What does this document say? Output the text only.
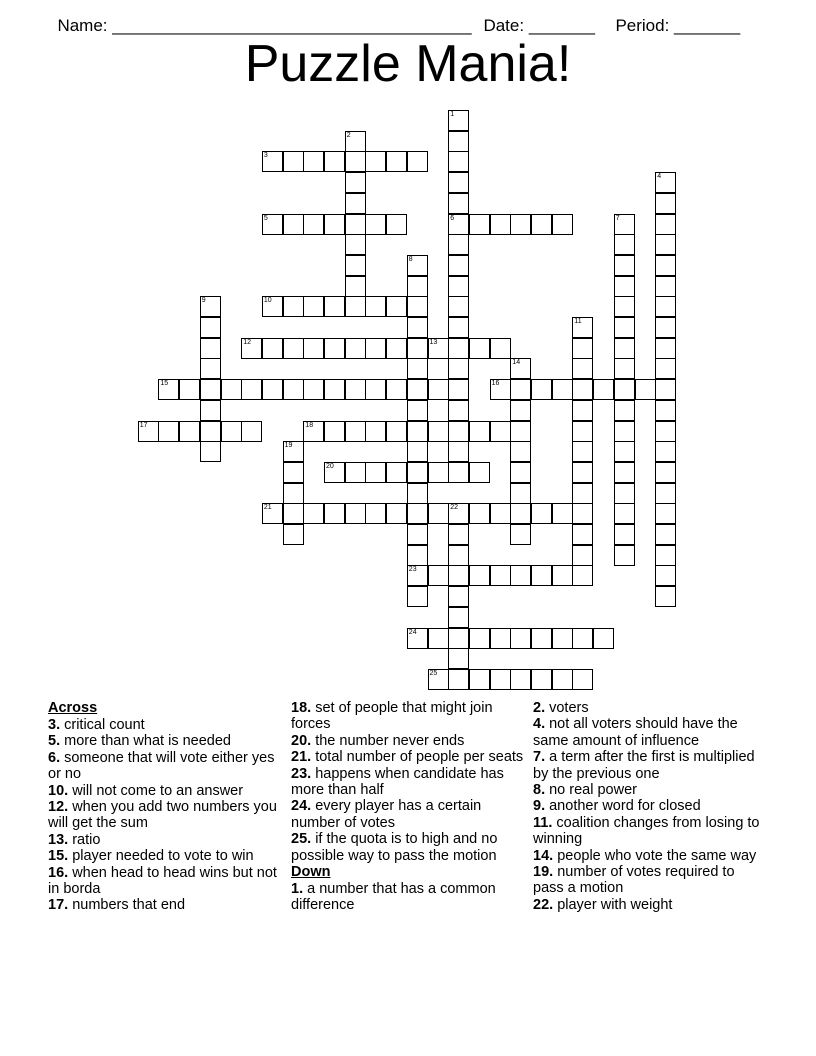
Name: ______________________________________ Date: _______	Period: _______

Puzzle Mania!
1
6
2
3
4
5	7
8
23
9	10
11
12	13
14
15	16
17	18
19
20
21	22
24
25
Across

3. critical count

5. more than what is needed

6. someone that will vote either yes or no

10. will not come to an answer

12. when you add two numbers you will get the sum

13. ratio

15. player needed to vote to win

16. when head to head wins but not in borda

17. numbers that end

18. set of people that might join forces

20. the number never ends

21. total number of people per seats

23. happens when candidate has more than half

24. every player has a certain number of votes

25. if the quota is to high and no possible way to pass the motion

Down

1. a number that has a common difference

2. voters

4. not all voters should have the same amount of influence

7. a term after the first is multiplied by the previous one

8. no real power

9. another word for closed

11. coalition changes from losing to winning

14. people who vote the same way

19. number of votes required to pass a motion

22. player with weight
